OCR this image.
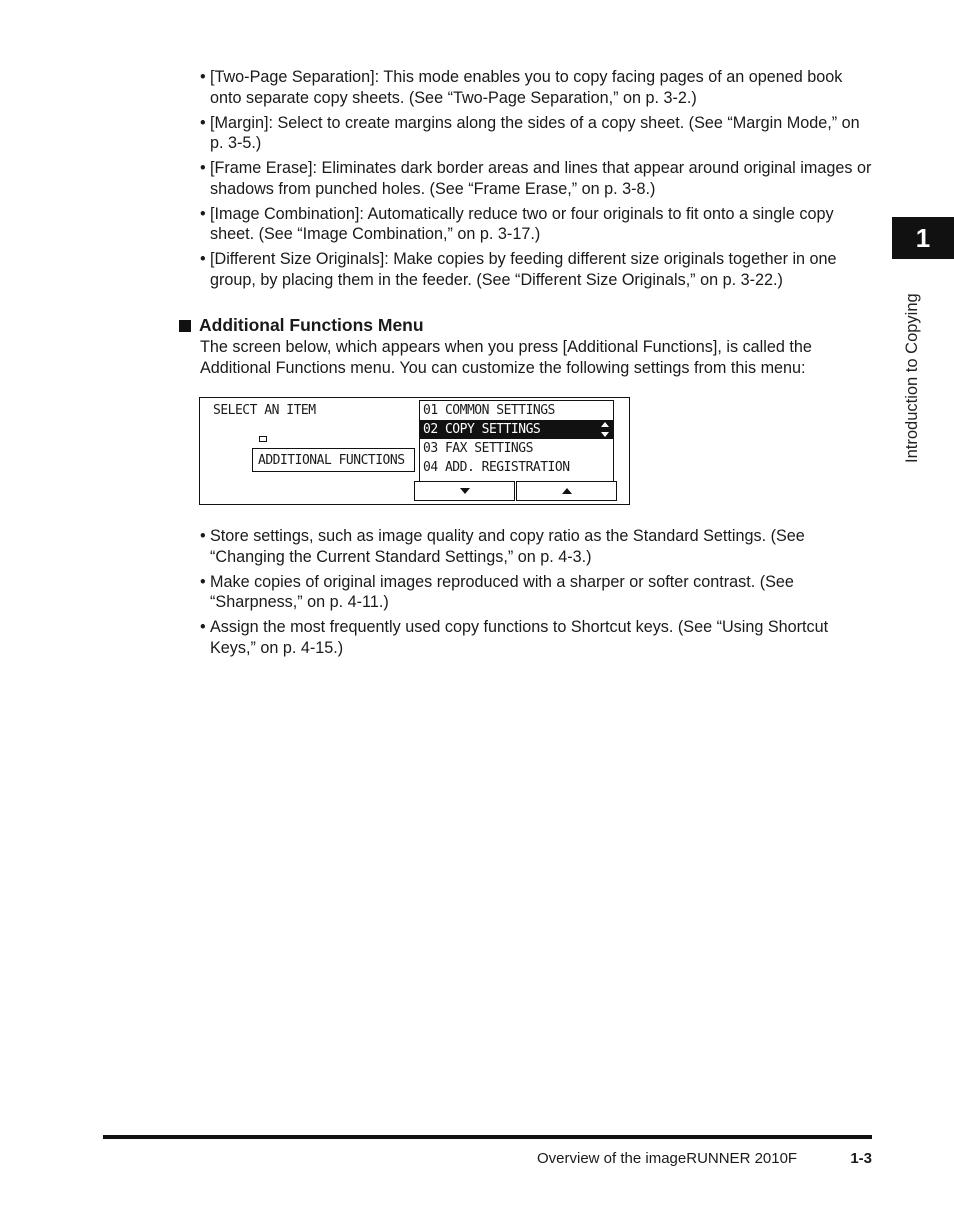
• [Two-Page Separation]: This mode enables you to copy facing pages of an opened book onto separate copy sheets. (See “Two-Page Separation,” on p. 3-2.)
• [Margin]: Select to create margins along the sides of a copy sheet. (See “Margin Mode,” on p. 3-5.)
• [Frame Erase]: Eliminates dark border areas and lines that appear around original images or shadows from punched holes. (See “Frame Erase,” on p. 3-8.)
• [Image Combination]: Automatically reduce two or four originals to fit onto a single copy sheet. (See “Image Combination,” on p. 3-17.)
• [Different Size Originals]: Make copies by feeding different size originals together in one group, by placing them in the feeder. (See “Different Size Originals,” on p. 3-22.)
Additional Functions Menu

The screen below, which appears when you press [Additional Functions], is called the Additional Functions menu. You can customize the following settings from this menu:

SELECT AN ITEM
ADDITIONAL FUNCTIONS
01 COMMON SETTINGS
02 COPY SETTINGS
03 FAX SETTINGS
04 ADD. REGISTRATION
• Store settings, such as image quality and copy ratio as the Standard Settings. (See “Changing the Current Standard Settings,” on p. 4-3.)
• Make copies of original images reproduced with a sharper or softer contrast. (See “Sharpness,” on p. 4-11.)
• Assign the most frequently used copy functions to Shortcut keys. (See “Using Shortcut Keys,” on p. 4-15.)
1
Introduction to Copying
Overview of the imageRUNNER 2010F	1-3
